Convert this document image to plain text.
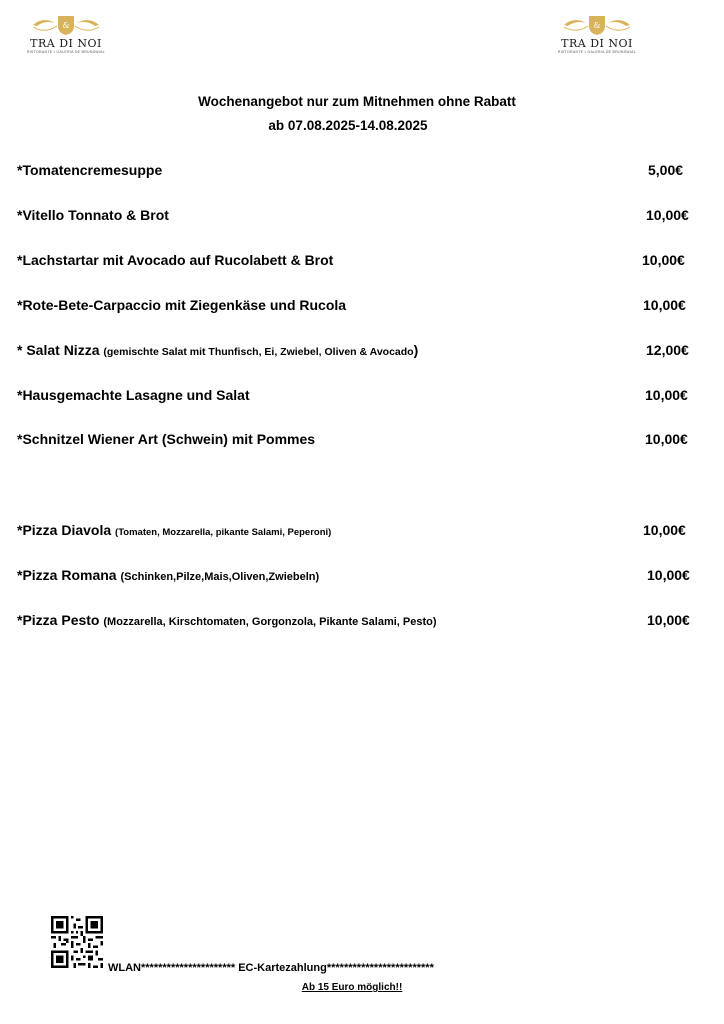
&
TRA DI NOI
RISTORANTE • GALERIA DE BRUNSWIAL
&
TRA DI NOI
RISTORANTE • GALERIA DE BRUNSWIAL
Wochenangebot nur zum Mitnehmen ohne Rabatt
ab 07.08.2025-14.08.2025
*Tomatencremesuppe	5,00€
*Vitello Tonnato & Brot	10,00€
*Lachstartar mit Avocado auf Rucolabett & Brot	10,00€
*Rote-Bete-Carpaccio mit Ziegenkäse und Rucola	10,00€
* Salat Nizza (gemischte Salat mit Thunfisch, Ei, Zwiebel, Oliven & Avocado)	12,00€
*Hausgemachte Lasagne und Salat	10,00€
*Schnitzel Wiener Art (Schwein) mit Pommes	10,00€
*Pizza Diavola (Tomaten, Mozzarella, pikante Salami, Peperoni)	10,00€
*Pizza Romana (Schinken,Pilze,Mais,Oliven,Zwiebeln)	10,00€
*Pizza Pesto (Mozzarella, Kirschtomaten, Gorgonzola, Pikante Salami, Pesto)	10,00€
WLAN********************** EC-Kartezahlung*************************
Ab 15 Euro möglich!!
